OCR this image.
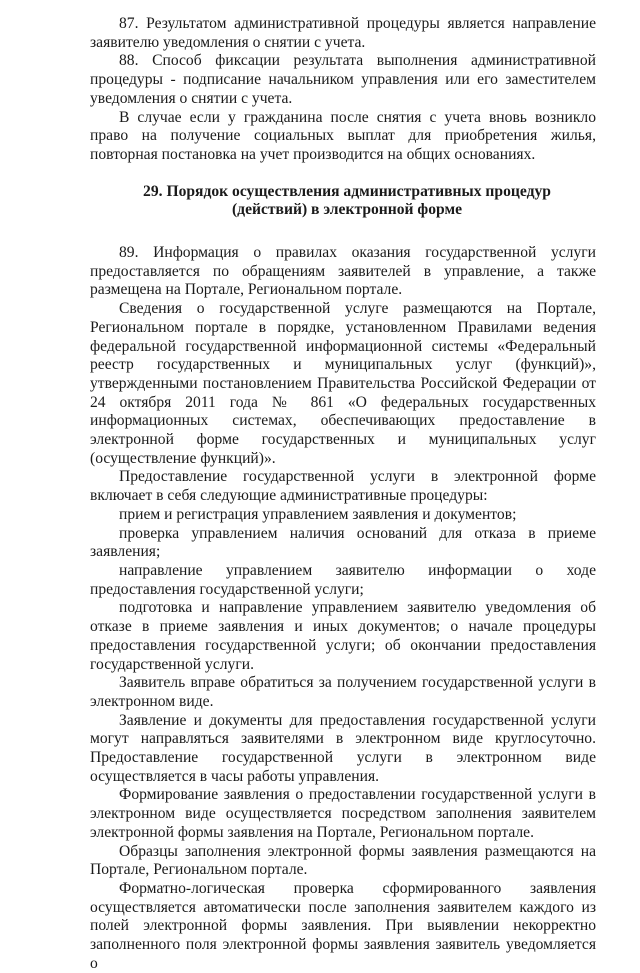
87. Результатом административной процедуры является направление заявителю уведомления о снятии с учета.

88. Способ фиксации результата выполнения административной процедуры - подписание начальником управления или его заместителем уведомления о снятии с учета.

В случае если у гражданина после снятия с учета вновь возникло право на получение социальных выплат для приобретения жилья, повторная постановка на учет производится на общих основаниях.

29. Порядок осуществления административных процедур

(действий) в электронной форме

89. Информация о правилах оказания государственной услуги предоставляется по обращениям заявителей в управление, а также размещена на Портале, Региональном портале.

Сведения о государственной услуге размещаются на Портале, Региональном портале в порядке, установленном Правилами ведения федеральной государственной информационной системы «Федеральный реестр государственных и муниципальных услуг (функций)», утвержденными постановлением Правительства Российской Федерации от 24 октября 2011 года № 861 «О федеральных государственных информационных системах, обеспечивающих предоставление в электронной форме государственных и муниципальных услуг (осуществление функций)».

Предоставление государственной услуги в электронной форме включает в себя следующие административные процедуры:

прием и регистрация управлением заявления и документов;

проверка управлением наличия оснований для отказа в приеме заявления;

направление управлением заявителю информации о ходе предоставления государственной услуги;

подготовка и направление управлением заявителю уведомления об отказе в приеме заявления и иных документов; о начале процедуры предоставления государственной услуги; об окончании предоставления государственной услуги.

Заявитель вправе обратиться за получением государственной услуги в электронном виде.

Заявление и документы для предоставления государственной услуги могут направляться заявителями в электронном виде круглосуточно. Предоставление государственной услуги в электронном виде осуществляется в часы работы управления.

Формирование заявления о предоставлении государственной услуги в электронном виде осуществляется посредством заполнения заявителем электронной формы заявления на Портале, Региональном портале.

Образцы заполнения электронной формы заявления размещаются на Портале, Региональном портале.

Форматно-логическая проверка сформированного заявления осуществляется автоматически после заполнения заявителем каждого из полей электронной формы заявления. При выявлении некорректно заполненного поля электронной формы заявления заявитель уведомляется о
